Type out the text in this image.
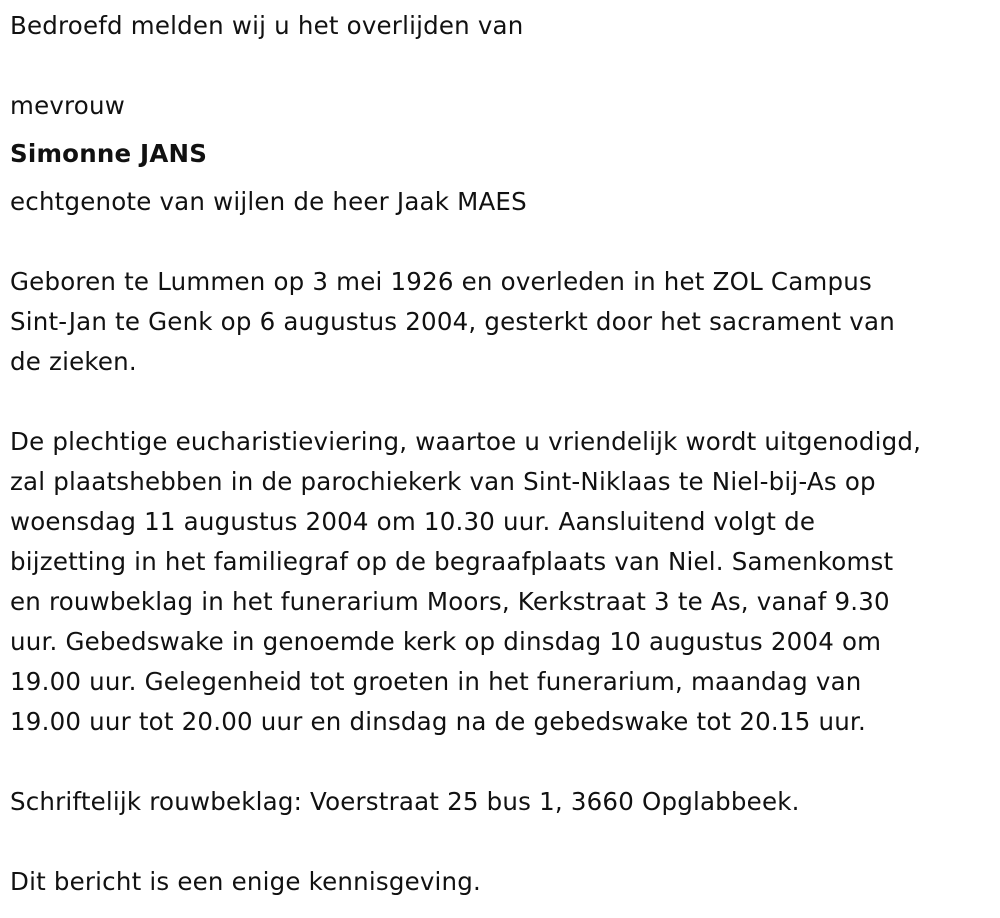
Bedroefd melden wij u het overlijden van
mevrouw
Simonne JANS
echtgenote van wijlen de heer Jaak MAES
Geboren te Lummen op 3 mei 1926 en overleden in het ZOL Campus
Sint-Jan te Genk op 6 augustus 2004, gesterkt door het sacrament van
de zieken.
De plechtige eucharistieviering, waartoe u vriendelijk wordt uitgenodigd,
zal plaatshebben in de parochiekerk van Sint-Niklaas te Niel-bij-As op
woensdag 11 augustus 2004 om 10.30 uur. Aansluitend volgt de
bijzetting in het familiegraf op de begraafplaats van Niel. Samenkomst
en rouwbeklag in het funerarium Moors, Kerkstraat 3 te As, vanaf 9.30
uur. Gebedswake in genoemde kerk op dinsdag 10 augustus 2004 om
19.00 uur. Gelegenheid tot groeten in het funerarium, maandag van
19.00 uur tot 20.00 uur en dinsdag na de gebedswake tot 20.15 uur.
Schriftelijk rouwbeklag: Voerstraat 25 bus 1, 3660 Opglabbeek.
Dit bericht is een enige kennisgeving.
